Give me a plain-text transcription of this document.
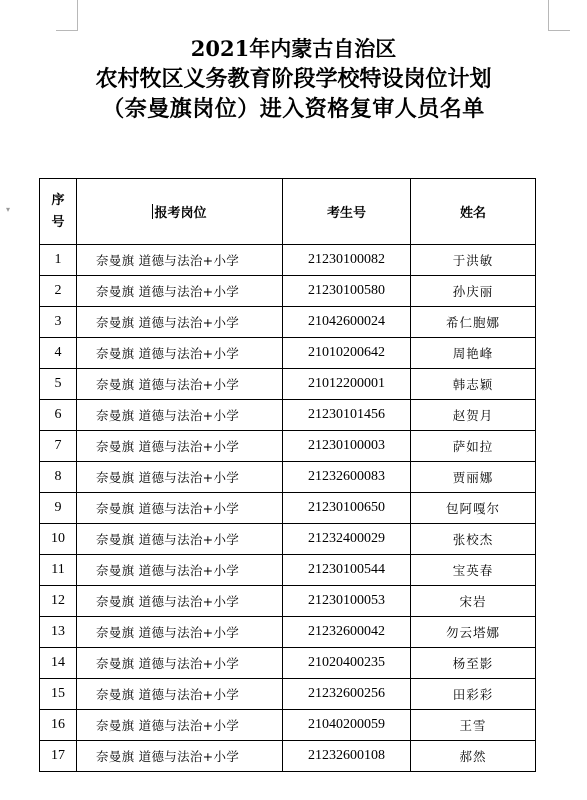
▾
2021年内蒙古自治区
农村牧区义务教育阶段学校特设岗位计划
（奈曼旗岗位）进入资格复审人员名单
序
号	报考岗位	考生号	姓名
1	奈曼旗 道德与法治+小学	21230100082	于洪敏
2	奈曼旗 道德与法治+小学	21230100580	孙庆丽
3	奈曼旗 道德与法治+小学	21042600024	希仁胞娜
4	奈曼旗 道德与法治+小学	21010200642	周艳峰
5	奈曼旗 道德与法治+小学	21012200001	韩志颖
6	奈曼旗 道德与法治+小学	21230101456	赵贺月
7	奈曼旗 道德与法治+小学	21230100003	萨如拉
8	奈曼旗 道德与法治+小学	21232600083	贾丽娜
9	奈曼旗 道德与法治+小学	21230100650	包阿嘎尔
10	奈曼旗 道德与法治+小学	21232400029	张校杰
11	奈曼旗 道德与法治+小学	21230100544	宝英春
12	奈曼旗 道德与法治+小学	21230100053	宋岩
13	奈曼旗 道德与法治+小学	21232600042	勿云塔娜
14	奈曼旗 道德与法治+小学	21020400235	杨至影
15	奈曼旗 道德与法治+小学	21232600256	田彩彩
16	奈曼旗 道德与法治+小学	21040200059	王雪
17	奈曼旗 道德与法治+小学	21232600108	郝然
